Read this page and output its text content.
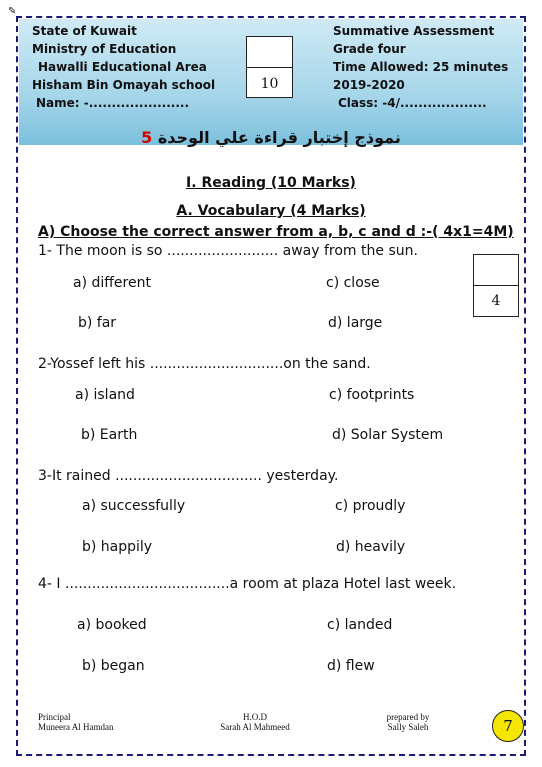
✎
State of Kuwait
Ministry of Education
Hawalli Educational Area
Hisham Bin Omayah school
Name: -......................
10
Summative Assessment
Grade four
Time Allowed: 25 minutes
2019-2020
Class: -4/...................
نموذج إختبار قراءة علي الوحدة 5
I. Reading (10 Marks)
A. Vocabulary (4 Marks)
A) Choose the correct answer from a, b, c and d :-( 4x1=4M)
4
1- The moon is so ......................... away from the sun.
a) different	c) close
b) far	d) large
2-Yossef left his ..............................on the sand.
a) island	c) footprints
b) Earth	d) Solar System
3-It rained ................................. yesterday.
a) successfully	c) proudly
b) happily	d) heavily
4- I .....................................a room at plaza Hotel last week.
a) booked	c) landed
b) began	d) flew
Principal
Muneera Al Hamdan
H.O.D
Sarah Al Mahmeed
prepared by
Sally Saleh	7
